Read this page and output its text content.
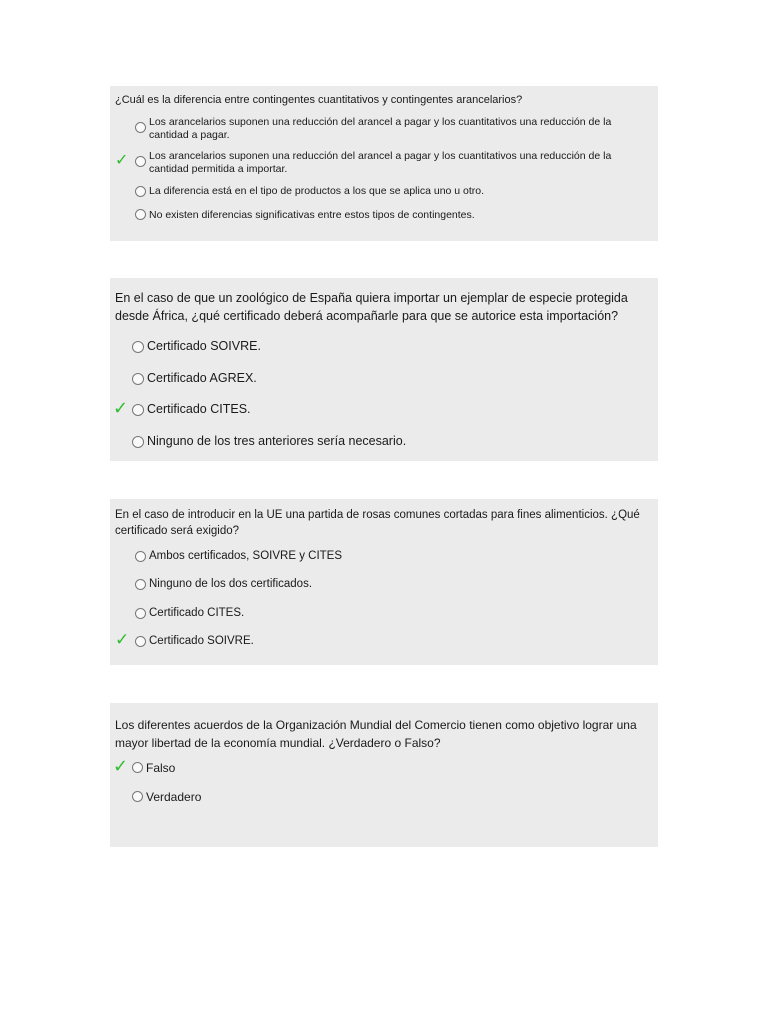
¿Cuál es la diferencia entre contingentes cuantitativos y contingentes arancelarios?

Los arancelarios suponen una reducción del arancel a pagar y los cuantitativos una reducción de la cantidad a pagar.
✓ Los arancelarios suponen una reducción del arancel a pagar y los cuantitativos una reducción de la cantidad permitida a importar.
La diferencia está en el tipo de productos a los que se aplica uno u otro.
No existen diferencias significativas entre estos tipos de contingentes.

En el caso de que un zoológico de España quiera importar un ejemplar de especie protegida desde África, ¿qué certificado deberá acompañarle para que se autorice esta importación?

Certificado SOIVRE.
Certificado AGREX.
✓ Certificado CITES.
Ninguno de los tres anteriores sería necesario.

En el caso de introducir en la UE una partida de rosas comunes cortadas para fines alimenticios. ¿Qué certificado será exigido?

Ambos certificados, SOIVRE y CITES
Ninguno de los dos certificados.
Certificado CITES.
✓ Certificado SOIVRE.

Los diferentes acuerdos de la Organización Mundial del Comercio tienen como objetivo lograr una mayor libertad de la economía mundial. ¿Verdadero o Falso?

✓ Falso
Verdadero
